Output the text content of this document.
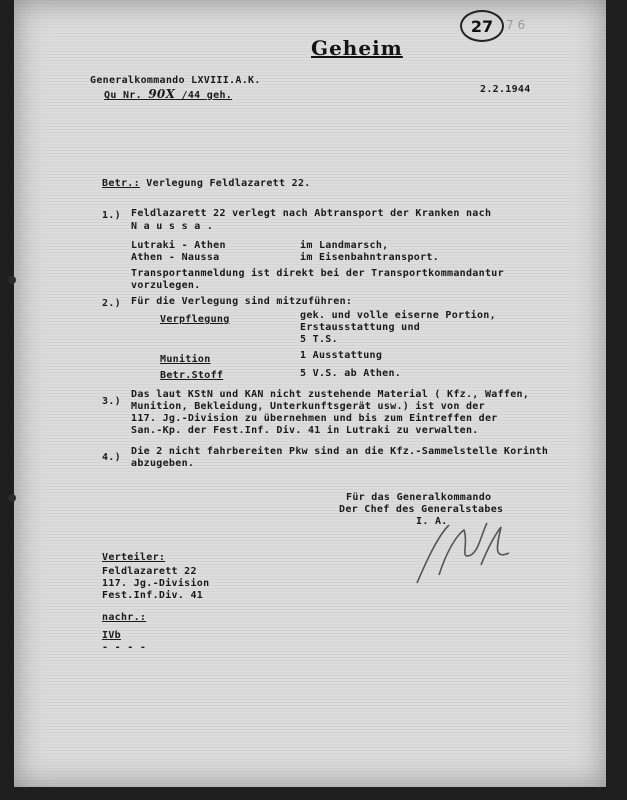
27 7 6
Geheim
Generalkommando LXVIII.A.K.
Qu Nr. 90X /44 geh.
2.2.1944
Betr.: Verlegung Feldlazarett 22.
1.) Feldlazarett 22 verlegt nach Abtransport der Kranken nach
N a u s s a .
Lutraki - Athen	im Landmarsch,
Athen - Naussa	im Eisenbahntransport.
Transportanmeldung ist direkt bei der Transportkommandantur
vorzulegen.
2.) Für die Verlegung sind mitzuführen:
Verpflegung	gek. und volle eiserne Portion,
Erstausstattung und
5 T.S.
Munition	1 Ausstattung
Betr.Stoff	5 V.S. ab Athen.
3.)
Das laut KStN und KAN nicht zustehende Material ( Kfz., Waffen,
Munition, Bekleidung, Unterkunftsgerät usw.) ist von der
117. Jg.-Division zu übernehmen und bis zum Eintreffen der
San.-Kp. der Fest.Inf. Div. 41 in Lutraki zu verwalten.
4.)
Die 2 nicht fahrbereiten Pkw sind an die Kfz.-Sammelstelle Korinth
abzugeben.
Für das Generalkommando
Der Chef des Generalstabes
I. A.
Verteiler:
Feldlazarett 22
117. Jg.-Division
Fest.Inf.Div. 41
nachr.:
IVb
- - - -
